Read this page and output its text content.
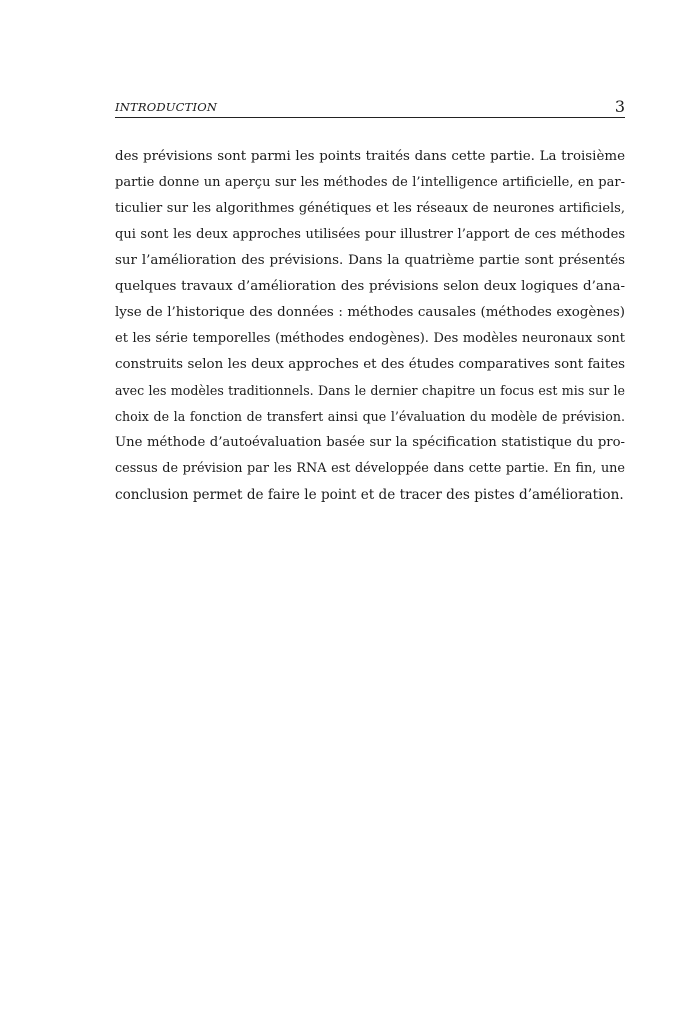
INTRODUCTION	3
des prévisions sont parmi les points traités dans cette partie. La troisième
partie donne un aperçu sur les méthodes de l’intelligence artificielle, en par-
ticulier sur les algorithmes génétiques et les réseaux de neurones artificiels,
qui sont les deux approches utilisées pour illustrer l’apport de ces méthodes
sur l’amélioration des prévisions. Dans la quatrième partie sont présentés
quelques travaux d’amélioration des prévisions selon deux logiques d’ana-
lyse de l’historique des données : méthodes causales (méthodes exogènes)
et les série temporelles (méthodes endogènes). Des modèles neuronaux sont
construits selon les deux approches et des études comparatives sont faites
avec les modèles traditionnels. Dans le dernier chapitre un focus est mis sur le
choix de la fonction de transfert ainsi que l’évaluation du modèle de prévision.
Une méthode d’autoévaluation basée sur la spécification statistique du pro-
cessus de prévision par les RNA est développée dans cette partie. En fin, une
conclusion permet de faire le point et de tracer des pistes d’amélioration.
